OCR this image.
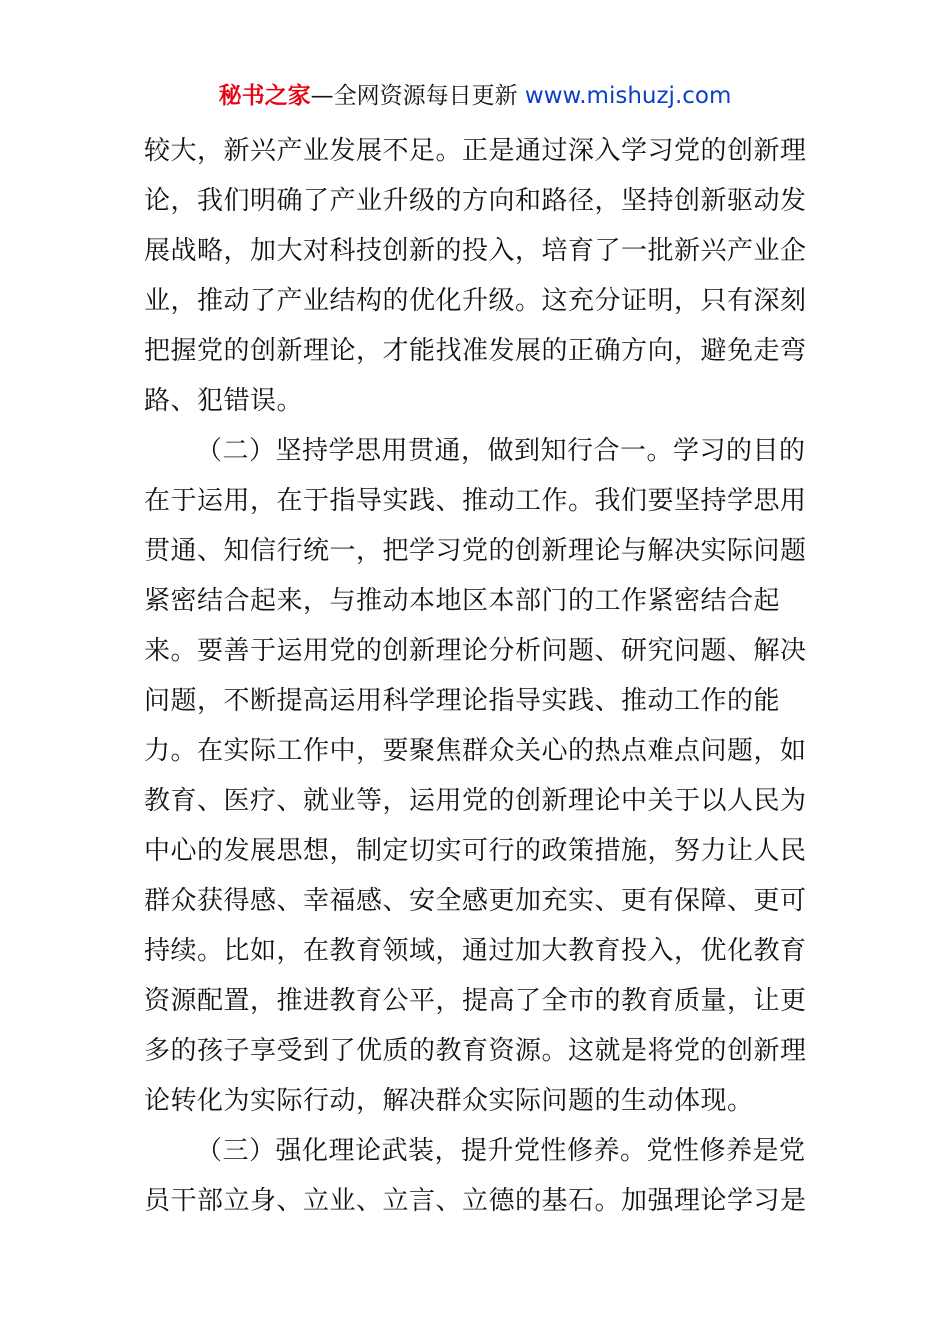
秘书之家—全网资源每日更新 www.mishuzj.com
较大，新兴产业发展不足。正是通过深入学习党的创新理
论，我们明确了产业升级的方向和路径，坚持创新驱动发
展战略，加大对科技创新的投入，培育了一批新兴产业企
业，推动了产业结构的优化升级。这充分证明，只有深刻
把握党的创新理论，才能找准发展的正确方向，避免走弯
路、犯错误。
（二）坚持学思用贯通，做到知行合一。学习的目的
在于运用，在于指导实践、推动工作。我们要坚持学思用
贯通、知信行统一，把学习党的创新理论与解决实际问题
紧密结合起来，与推动本地区本部门的工作紧密结合起
来。要善于运用党的创新理论分析问题、研究问题、解决
问题，不断提高运用科学理论指导实践、推动工作的能
力。在实际工作中，要聚焦群众关心的热点难点问题，如
教育、医疗、就业等，运用党的创新理论中关于以人民为
中心的发展思想，制定切实可行的政策措施，努力让人民
群众获得感、幸福感、安全感更加充实、更有保障、更可
持续。比如，在教育领域，通过加大教育投入，优化教育
资源配置，推进教育公平，提高了全市的教育质量，让更
多的孩子享受到了优质的教育资源。这就是将党的创新理
论转化为实际行动，解决群众实际问题的生动体现。
（三）强化理论武装，提升党性修养。党性修养是党
员干部立身、立业、立言、立德的基石。加强理论学习是
